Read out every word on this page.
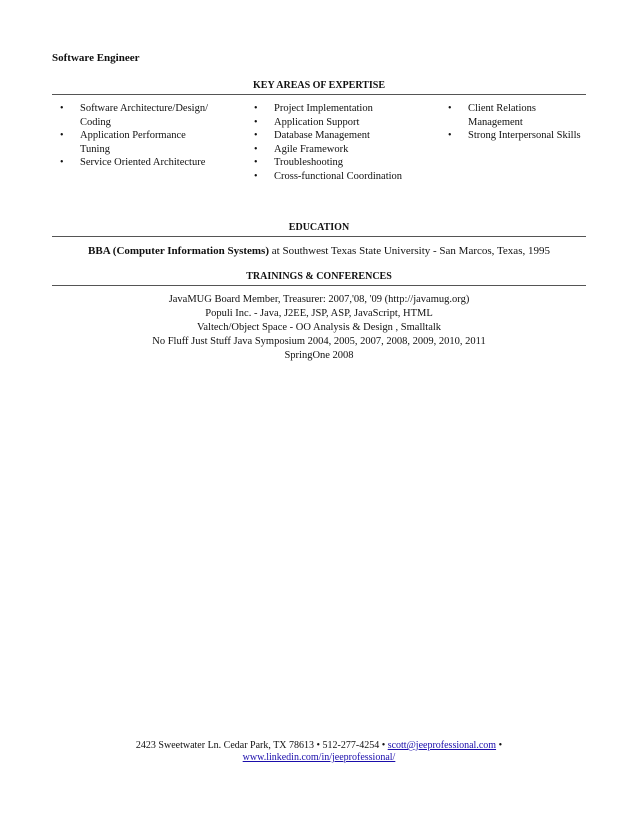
Software Engineer
KEY AREAS OF EXPERTISE
• Software Architecture/Design/ Coding
• Application Performance Tuning
• Service Oriented Architecture
• Project Implementation
• Application Support
• Database Management
• Agile Framework
• Troubleshooting
• Cross-functional Coordination
• Client Relations Management
• Strong Interpersonal Skills
EDUCATION
BBA (Computer Information Systems) at Southwest Texas State University - San Marcos, Texas, 1995
TRAININGS & CONFERENCES
JavaMUG Board Member, Treasurer: 2007,'08, '09 (http://javamug.org)
Populi Inc. - Java, J2EE, JSP, ASP, JavaScript, HTML
Valtech/Object Space - OO Analysis & Design , Smalltalk
No Fluff Just Stuff Java Symposium 2004, 2005, 2007, 2008, 2009, 2010, 2011
SpringOne 2008
2423 Sweetwater Ln. Cedar Park, TX 78613 • 512-277-4254 • scott@jeeprofessional.com •
www.linkedin.com/in/jeeprofessional/
